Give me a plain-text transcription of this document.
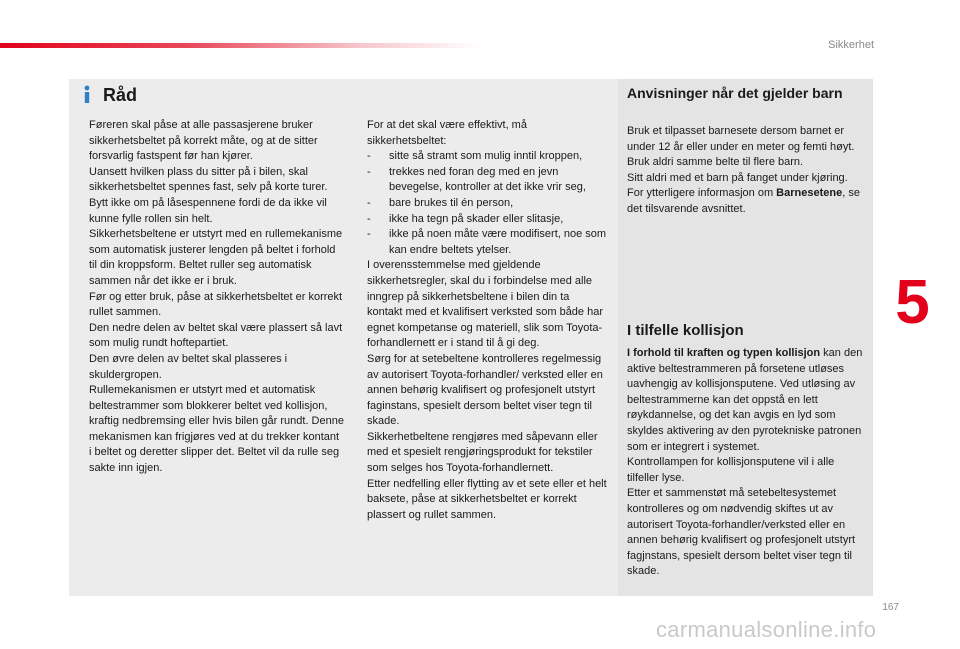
Sikkerhet
5
Råd

Føreren skal påse at alle passasjerene bruker sikkerhetsbeltet på korrekt måte, og at de sitter forsvarlig fastspent før han kjører.

Uansett hvilken plass du sitter på i bilen, skal sikkerhetsbeltet spennes fast, selv på korte turer.

Bytt ikke om på låsespennene fordi de da ikke vil kunne fylle rollen sin helt.

Sikkerhetsbeltene er utstyrt med en rullemekanisme som automatisk justerer lengden på beltet i forhold til din kroppsform. Beltet ruller seg automatisk sammen når det ikke er i bruk.

Før og etter bruk, påse at sikkerhetsbeltet er korrekt rullet sammen.

Den nedre delen av beltet skal være plassert så lavt som mulig rundt hoftepartiet.

Den øvre delen av beltet skal plasseres i skuldergropen.

Rullemekanismen er utstyrt med et automatisk beltestrammer som blokkerer beltet ved kollisjon, kraftig nedbremsing eller hvis bilen går rundt. Denne mekanismen kan frigjøres ved at du trekker kontant i beltet og deretter slipper det. Beltet vil da rulle seg sakte inn igjen.

For at det skal være effektivt, må sikkerhetsbeltet:

-	sitte så stramt som mulig inntil kroppen,
-	trekkes ned foran deg med en jevn bevegelse, kontroller at det ikke vrir seg,
-	bare brukes til én person,
-	ikke ha tegn på skader eller slitasje,
-	ikke på noen måte være modifisert, noe som kan endre beltets ytelser.

I overensstemmelse med gjeldende sikkerhetsregler, skal du i forbindelse med alle inngrep på sikkerhetsbeltene i bilen din ta kontakt med et kvalifisert verksted som både har egnet kompetanse og materiell, slik som Toyota-forhandlernett er i stand til å gi deg.

Sørg for at setebeltene kontrolleres regelmessig av autorisert Toyota-forhandler/ verksted eller en annen behørig kvalifisert og profesjonelt utstyrt faginstans, spesielt dersom beltet viser tegn til skade.

Sikkerhetbeltene rengjøres med såpevann eller med et spesielt rengjøringsprodukt for tekstiler som selges hos Toyota-forhandlernett.

Etter nedfelling eller flytting av et sete eller et helt baksete, påse at sikkerhetsbeltet er korrekt plassert og rullet sammen.

Anvisninger når det gjelder barn

Bruk et tilpasset barnesete dersom barnet er under 12 år eller under en meter og femti høyt.

Bruk aldri samme belte til flere barn.

Sitt aldri med et barn på fanget under kjøring.

For ytterligere informasjon om Barnesetene, se det tilsvarende avsnittet.

I tilfelle kollisjon

I forhold til kraften og typen kollisjon kan den aktive beltestrammeren på forsetene utløses uavhengig av kollisjonsputene. Ved utløsing av beltestrammerne kan det oppstå en lett røykdannelse, og det kan avgis en lyd som skyldes aktivering av den pyrotekniske patronen som er integrert i systemet.

Kontrollampen for kollisjonsputene vil i alle tilfeller lyse.

Etter et sammenstøt må setebeltesystemet kontrolleres og om nødvendig skiftes ut av autorisert Toyota-forhandler/verksted eller en annen behørig kvalifisert og profesjonelt utstyrt fagjnstans, spesielt dersom beltet viser tegn til skade.

167
carmanualsonline.info
